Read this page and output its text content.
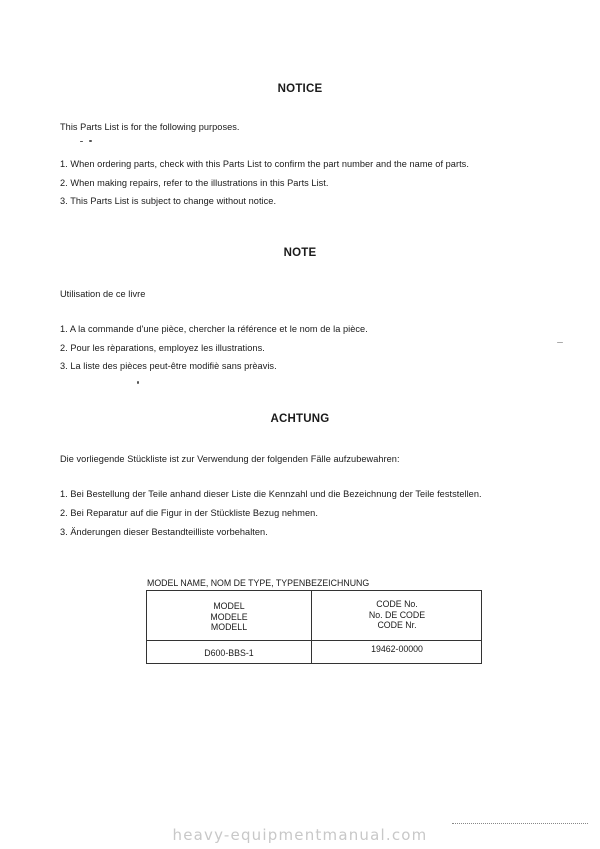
NOTICE
This Parts List is for the following purposes.
1. When ordering parts, check with this Parts List to confirm the part number and the name of parts.
2. When making repairs, refer to the illustrations in this Parts List.
3. This Parts List is subject to change without notice.
NOTE
Utilisation de ce livre
1. A la commande d'une pièce, chercher la référence et le nom de la pièce.
2. Pour les rèparations, employez les illustrations.
3. La liste des pièces peut-être modifiè sans prèavis.
ACHTUNG
Die vorliegende Stückliste ist zur Verwendung der folgenden Fälle aufzubewahren:
1. Bei Bestellung der Teile anhand dieser Liste die Kennzahl und die Bezeichnung der Teile feststellen.
2. Bei Reparatur auf die Figur in der Stückliste Bezug nehmen.
3. Änderungen dieser Bestandteilliste vorbehalten.
MODEL NAME, NOM DE TYPE, TYPENBEZEICHNUNG
MODEL
MODELE
MODELL
CODE No.
No. DE CODE
CODE Nr.
D600-BBS-1	19462-00000
heavy-equipmentmanual.com
